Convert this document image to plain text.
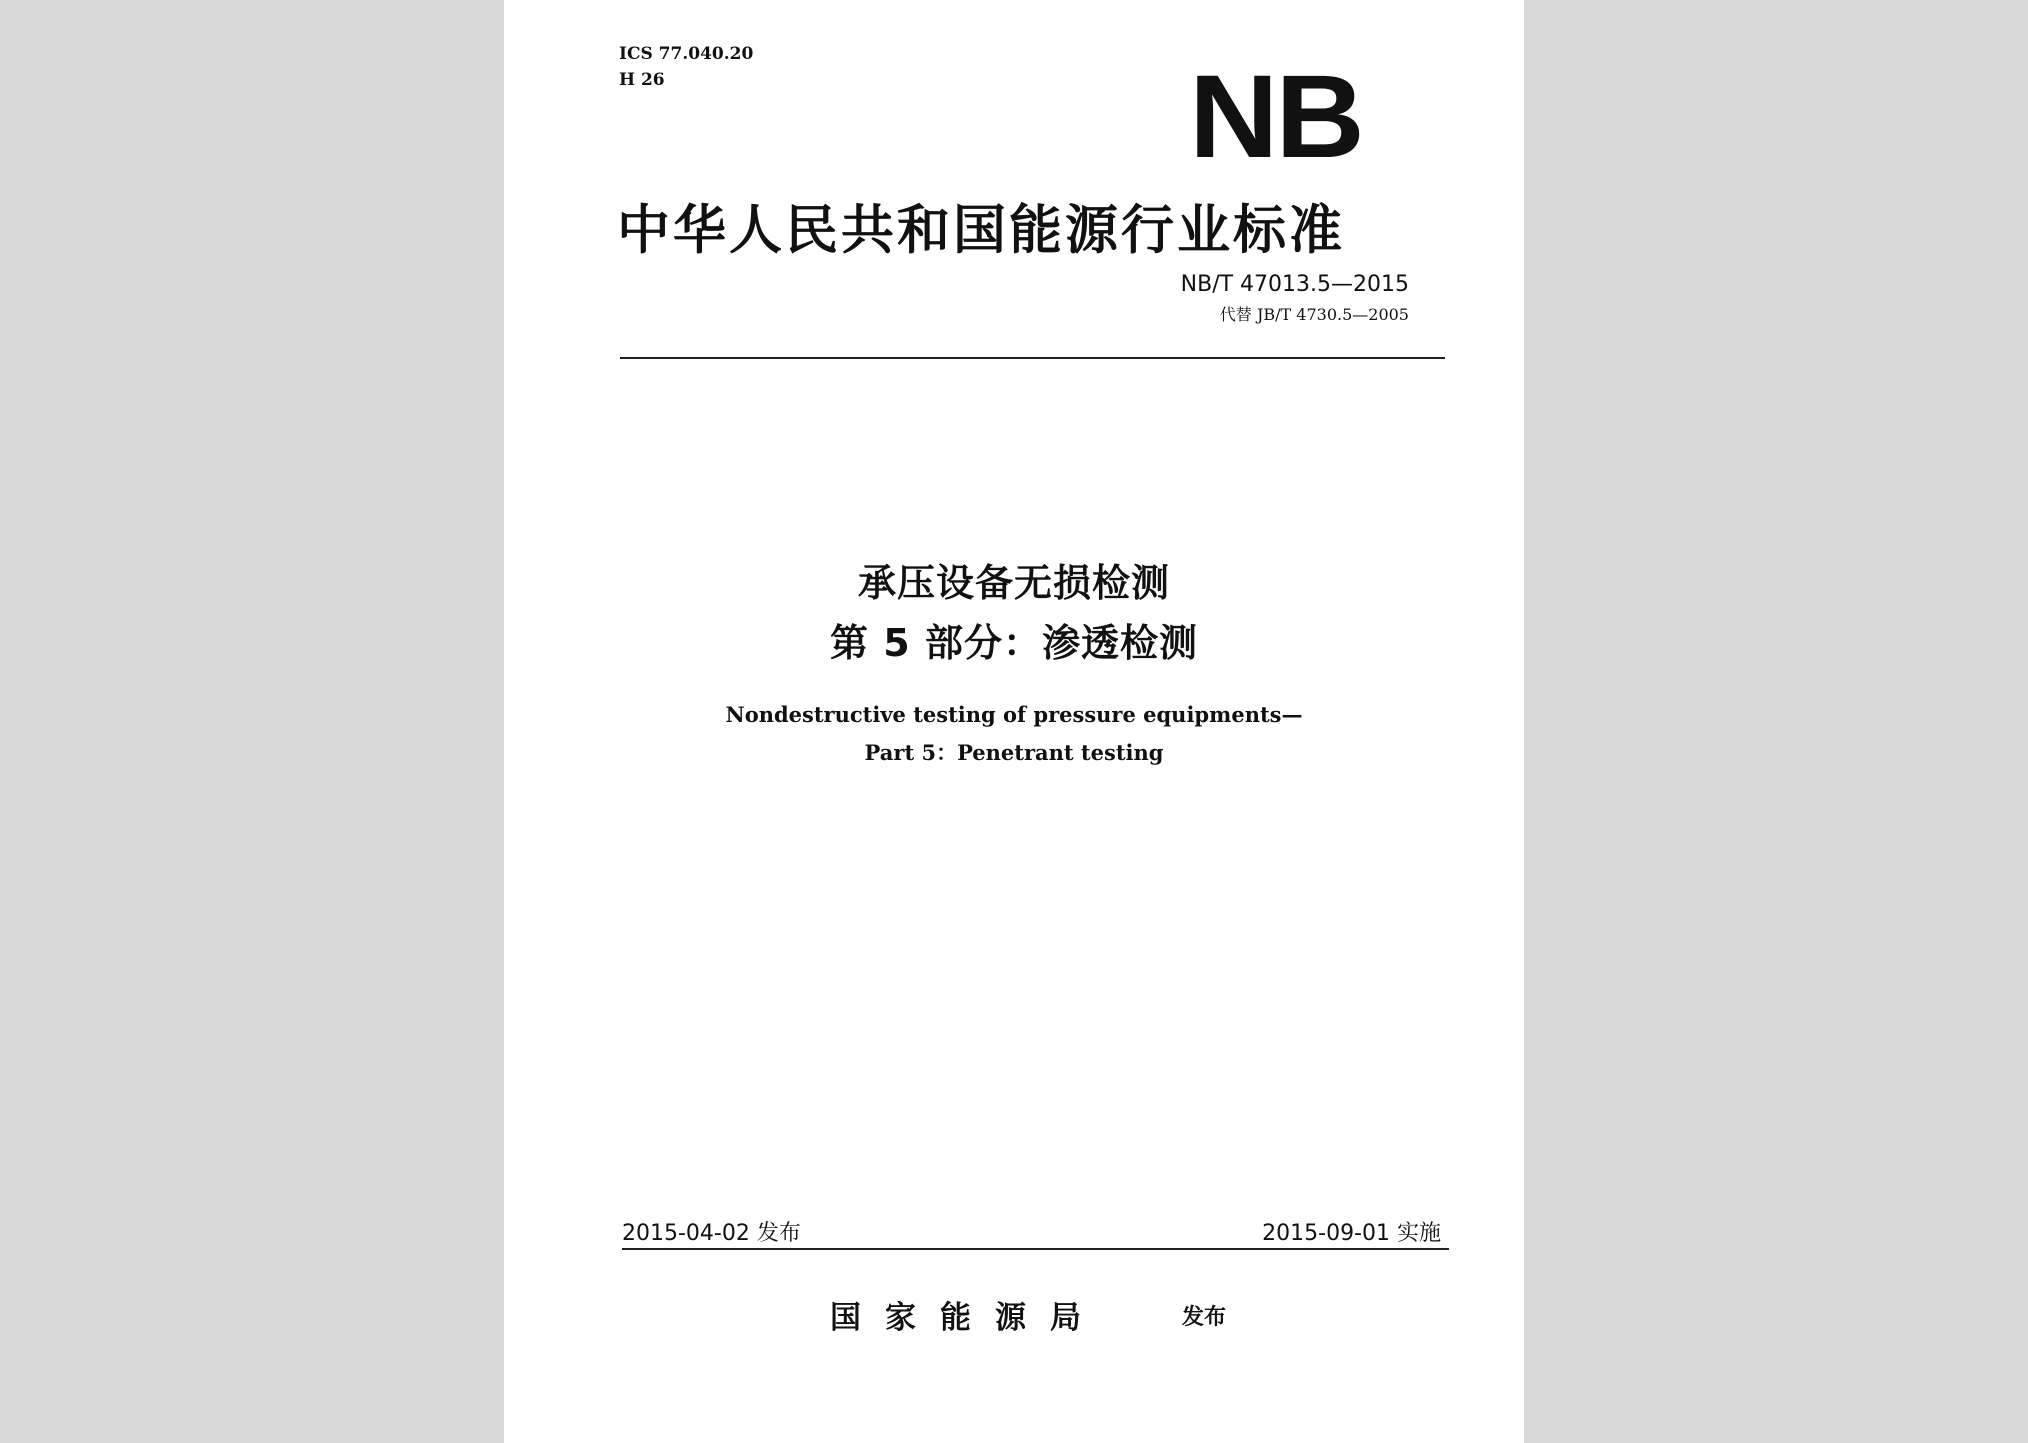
ICS 77.040.20
H 26	NB
中华人民共和国能源行业标准
NB/T 47013.5—2015
代替 JB/T 4730.5—2005
承压设备无损检测
第 5 部分：渗透检测
Nondestructive testing of pressure equipments—
Part 5：Penetrant testing
2015-04-02 发布	2015-09-01 实施
国家能源局	发布
